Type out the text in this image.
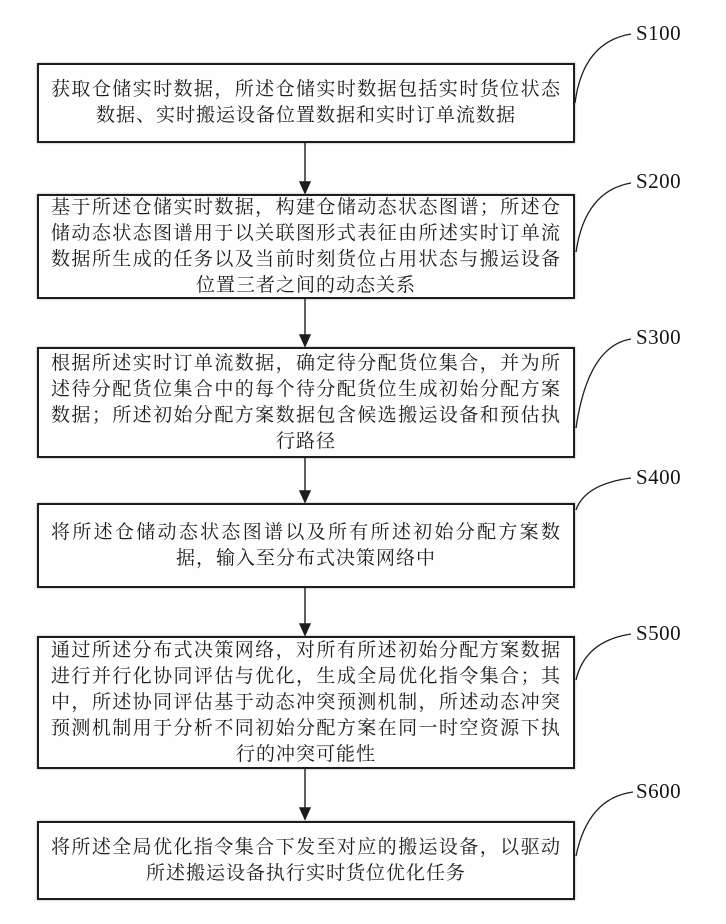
获取仓储实时数据，所述仓储实时数据包括实时货位状态数据、实时搬运设备位置数据和实时订单流数据
基于所述仓储实时数据，构建仓储动态状态图谱；所述仓储动态状态图谱用于以关联图形式表征由所述实时订单流数据所生成的任务以及当前时刻货位占用状态与搬运设备位置三者之间的动态关系
根据所述实时订单流数据，确定待分配货位集合，并为所述待分配货位集合中的每个待分配货位生成初始分配方案数据；所述初始分配方案数据包含候选搬运设备和预估执行路径
将所述仓储动态状态图谱以及所有所述初始分配方案数据，输入至分布式决策网络中
通过所述分布式决策网络，对所有所述初始分配方案数据进行并行化协同评估与优化，生成全局优化指令集合；其中，所述协同评估基于动态冲突预测机制，所述动态冲突预测机制用于分析不同初始分配方案在同一时空资源下执行的冲突可能性
将所述全局优化指令集合下发至对应的搬运设备，以驱动所述搬运设备执行实时货位优化任务
S100
S200
S300
S400
S500
S600
